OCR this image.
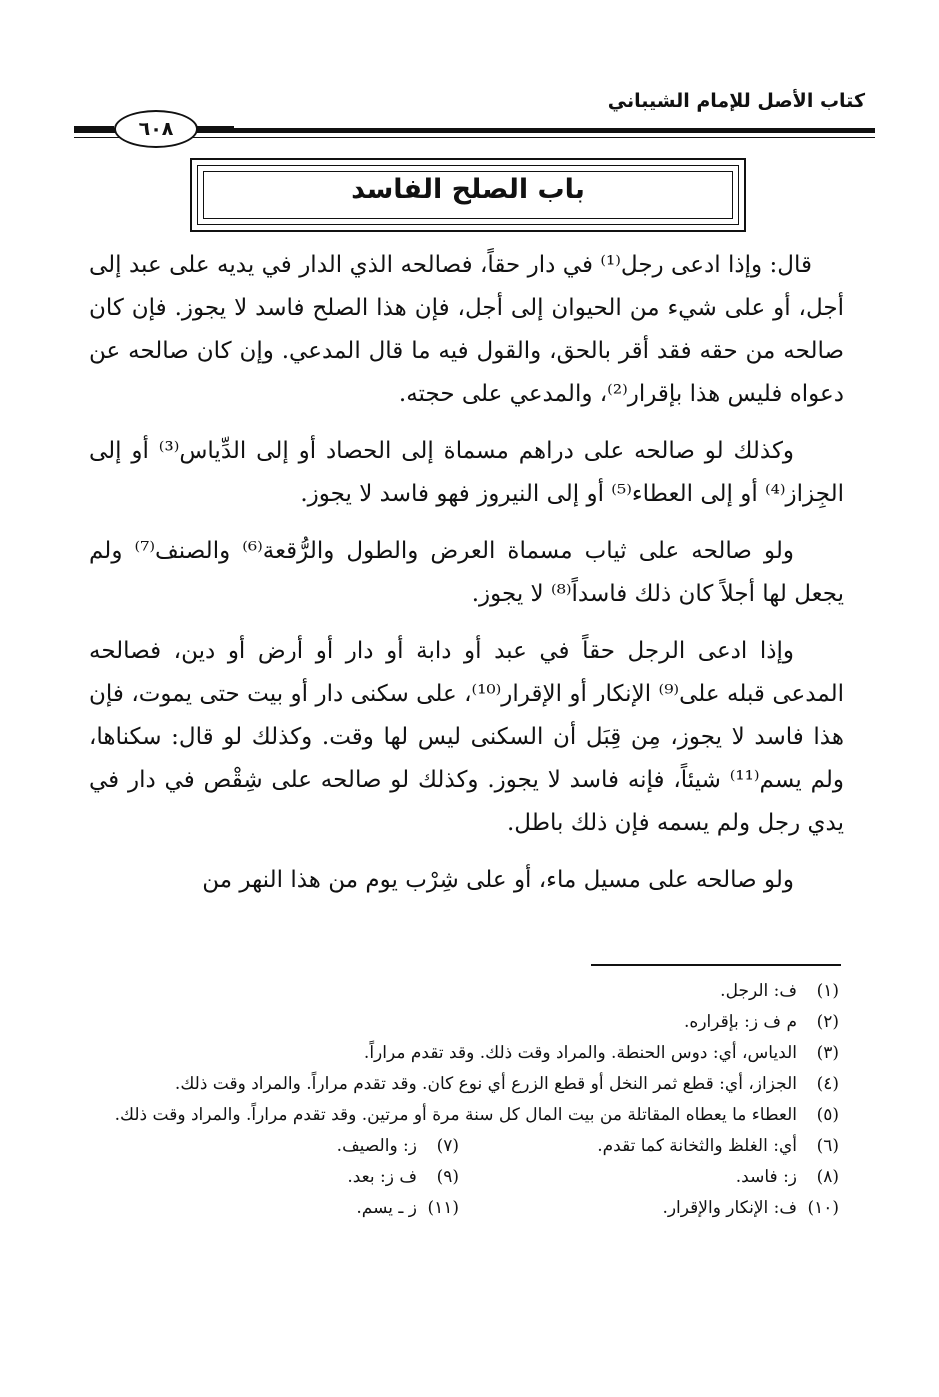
كتاب الأصل للإمام الشيباني
٦٠٨
باب الصلح الفاسد

قال: وإذا ادعى رجل⁽¹⁾ في دار حقاً، فصالحه الذي الدار في يديه على عبد إلى أجل، أو على شيء من الحيوان إلى أجل، فإن هذا الصلح فاسد لا يجوز. فإن كان صالحه من حقه فقد أقر بالحق، والقول فيه ما قال المدعي. وإن كان صالحه عن دعواه فليس هذا بإقرار⁽²⁾، والمدعي على حجته.

وكذلك لو صالحه على دراهم مسماة إلى الحصاد أو إلى الدِّياس⁽³⁾ أو إلى الجِزاز⁽⁴⁾ أو إلى العطاء⁽⁵⁾ أو إلى النيروز فهو فاسد لا يجوز.

ولو صالحه على ثياب مسماة العرض والطول والرُّقعة⁽⁶⁾ والصنف⁽⁷⁾ ولم يجعل لها أجلاً كان ذلك فاسداً⁽⁸⁾ لا يجوز.

وإذا ادعى الرجل حقاً في عبد أو دابة أو دار أو أرض أو دين، فصالحه المدعى قبله على⁽⁹⁾ الإنكار أو الإقرار⁽¹⁰⁾، على سكنى دار أو بيت حتى يموت، فإن هذا فاسد لا يجوز، مِن قِبَل أن السكنى ليس لها وقت. وكذلك لو قال: سكناها، ولم يسم⁽¹¹⁾ شيئاً، فإنه فاسد لا يجوز. وكذلك لو صالحه على شِقْص في دار في يدي رجل ولم يسمه فإن ذلك باطل.

ولو صالحه على مسيل ماء، أو على شِرْب يوم من هذا النهر من

(١)
ف: الرجل.
(٢)
م ف ز: بإقراره.
(٣)
الدياس، أي: دوس الحنطة. والمراد وقت ذلك. وقد تقدم مراراً.
(٤)
الجزاز، أي: قطع ثمر النخل أو قطع الزرع أي نوع كان. وقد تقدم مراراً. والمراد وقت ذلك.
(٥)
العطاء ما يعطاه المقاتلة من بيت المال كل سنة مرة أو مرتين. وقد تقدم مراراً. والمراد وقت ذلك.
(٦)
أي: الغلظ والثخانة كما تقدم.
(٧)
ز: والصيف.
(٨)
ز: فاسد.
(٩)
ف ز: بعد.
(١٠)
ف: الإنكار والإقرار.
(١١)
ز ـ يسم.
